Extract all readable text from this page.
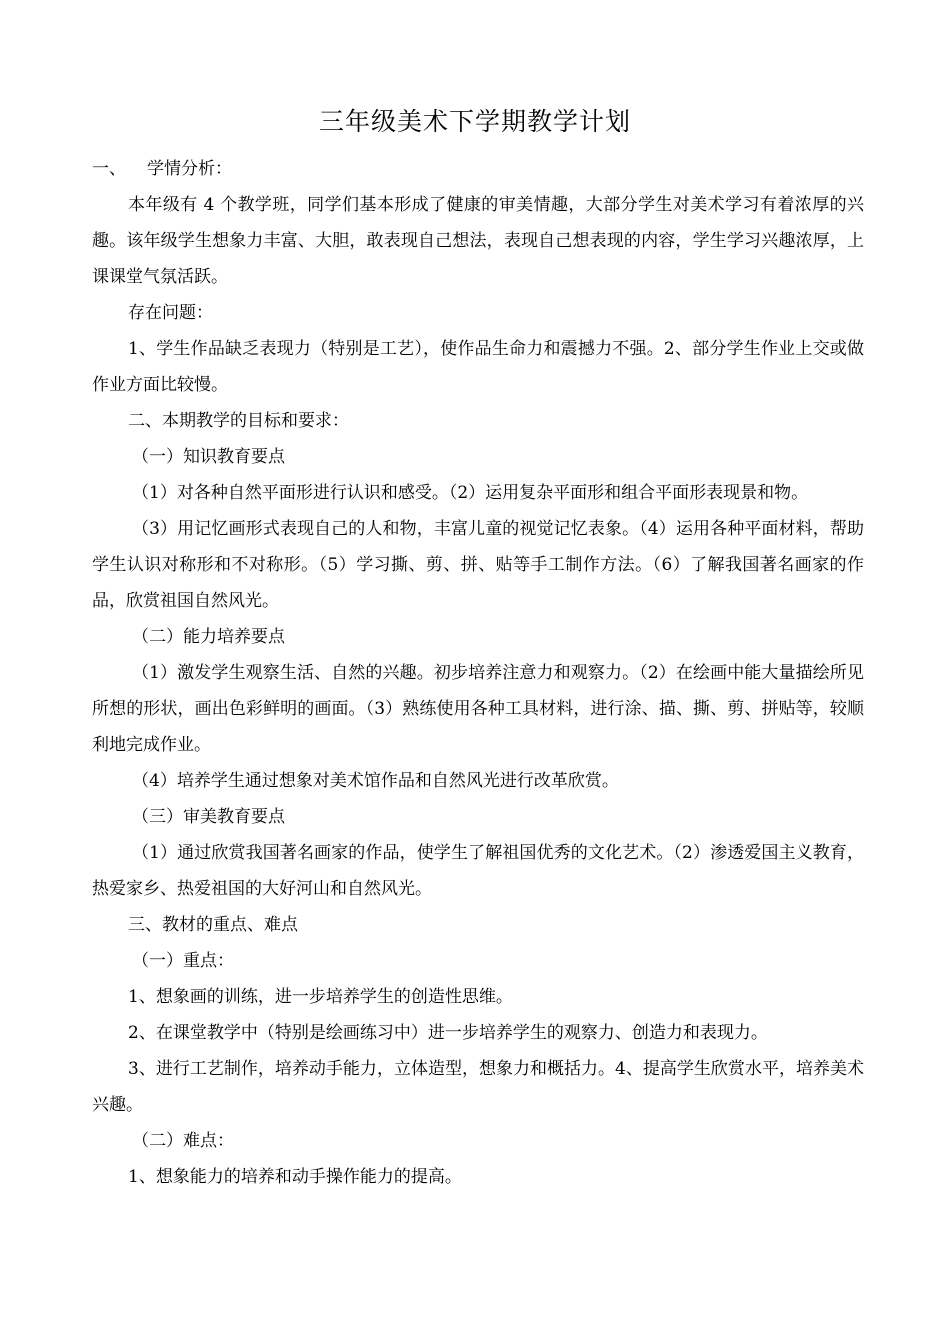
三年级美术下学期教学计划
一、	学情分析：

本年级有 4 个教学班，同学们基本形成了健康的审美情趣，大部分学生对美术学习有着浓厚的兴趣。该年级学生想象力丰富、大胆，敢表现自己想法，表现自己想表现的内容，学生学习兴趣浓厚，上课课堂气氛活跃。

存在问题：

1、学生作品缺乏表现力（特别是工艺），使作品生命力和震撼力不强。2、部分学生作业上交或做作业方面比较慢。

二、本期教学的目标和要求：

（一）知识教育要点

（1）对各种自然平面形进行认识和感受。（2）运用复杂平面形和组合平面形表现景和物。

（3）用记忆画形式表现自己的人和物，丰富儿童的视觉记忆表象。（4）运用各种平面材料，帮助学生认识对称形和不对称形。（5）学习撕、剪、拼、贴等手工制作方法。（6）了解我国著名画家的作品，欣赏祖国自然风光。

（二）能力培养要点

（1）激发学生观察生活、自然的兴趣。初步培养注意力和观察力。（2）在绘画中能大量描绘所见所想的形状，画出色彩鲜明的画面。（3）熟练使用各种工具材料，进行涂、描、撕、剪、拼贴等，较顺利地完成作业。

（4）培养学生通过想象对美术馆作品和自然风光进行改革欣赏。

（三）审美教育要点

（1）通过欣赏我国著名画家的作品，使学生了解祖国优秀的文化艺术。（2）渗透爱国主义教育，热爱家乡、热爱祖国的大好河山和自然风光。

三、教材的重点、难点

（一）重点：

1、想象画的训练，进一步培养学生的创造性思维。

2、在课堂教学中（特别是绘画练习中）进一步培养学生的观察力、创造力和表现力。

3、进行工艺制作，培养动手能力，立体造型，想象力和概括力。4、提高学生欣赏水平，培养美术兴趣。

（二）难点：

1、想象能力的培养和动手操作能力的提高。
